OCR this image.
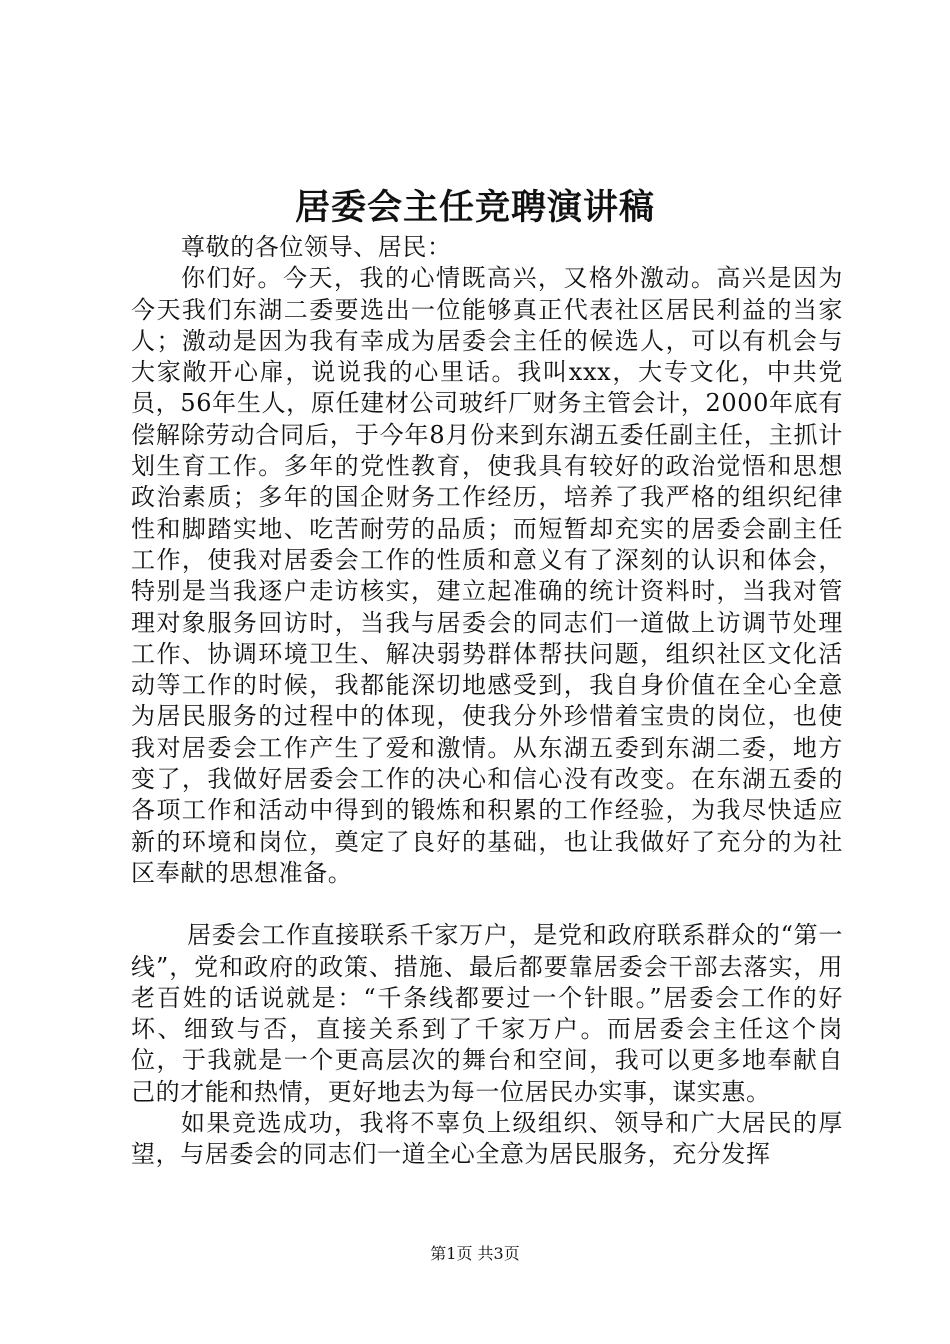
居委会主任竞聘演讲稿

尊敬的各位领导、居民：

你们好。今天，我的心情既高兴，又格外激动。高兴是因为今天我们东湖二委要选出一位能够真正代表社区居民利益的当家人；激动是因为我有幸成为居委会主任的候选人，可以有机会与大家敞开心扉，说说我的心里话。我叫xxx，大专文化，中共党员，56年生人，原任建材公司玻纤厂财务主管会计，2000年底有偿解除劳动合同后，于今年8月份来到东湖五委任副主任，主抓计划生育工作。多年的党性教育，使我具有较好的政治觉悟和思想政治素质；多年的国企财务工作经历，培养了我严格的组织纪律性和脚踏实地、吃苦耐劳的品质；而短暂却充实的居委会副主任工作，使我对居委会工作的性质和意义有了深刻的认识和体会，特别是当我逐户走访核实，建立起准确的统计资料时，当我对管理对象服务回访时，当我与居委会的同志们一道做上访调节处理工作、协调环境卫生、解决弱势群体帮扶问题，组织社区文化活动等工作的时候，我都能深切地感受到，我自身价值在全心全意为居民服务的过程中的体现，使我分外珍惜着宝贵的岗位，也使我对居委会工作产生了爱和激情。从东湖五委到东湖二委，地方变了，我做好居委会工作的决心和信心没有改变。在东湖五委的各项工作和活动中得到的锻炼和积累的工作经验，为我尽快适应新的环境和岗位，奠定了良好的基础，也让我做好了充分的为社区奉献的思想准备。

居委会工作直接联系千家万户，是党和政府联系群众的“第一线”，党和政府的政策、措施、最后都要靠居委会干部去落实，用老百姓的话说就是：“千条线都要过一个针眼。”居委会工作的好坏、细致与否，直接关系到了千家万户。而居委会主任这个岗位，于我就是一个更高层次的舞台和空间，我可以更多地奉献自己的才能和热情，更好地去为每一位居民办实事，谋实惠。

如果竞选成功，我将不辜负上级组织、领导和广大居民的厚望，与居委会的同志们一道全心全意为居民服务，充分发挥

第1页 共3页
